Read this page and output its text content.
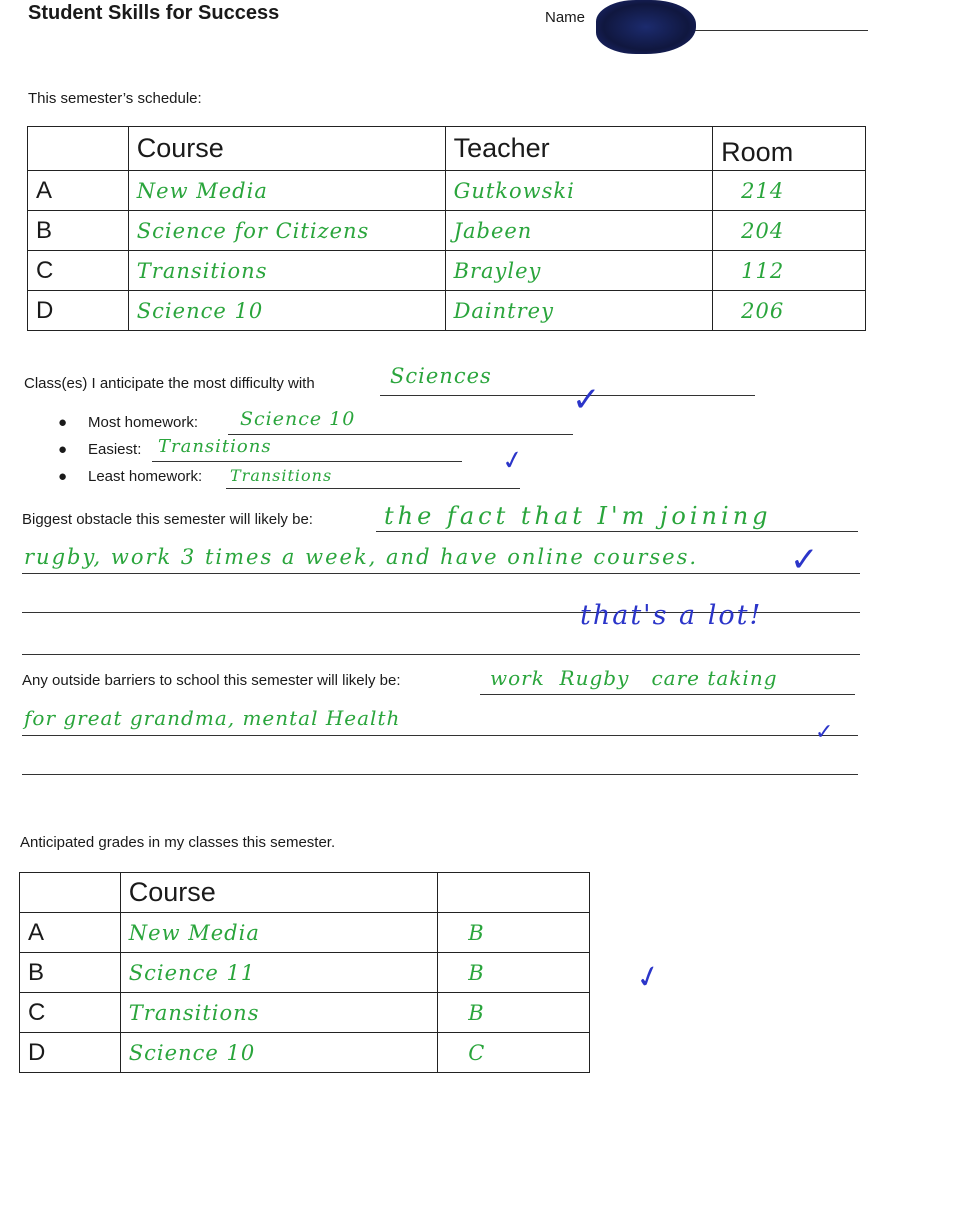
Student Skills for Success	Name
This semester’s schedule:
	Course	Teacher	Room
A	New Media	Gutkowski	214
B	Science for Citizens	Jabeen	204
C	Transitions	Brayley	112
D	Science 10	Daintrey	206
Class(es) I anticipate the most difficulty with	Sciences
✓
● Most homework: Science 10
● Easiest: Transitions
● Least homework: Transitions	✓
Biggest obstacle this semester will likely be:	the fact that I'm joining
rugby, work 3 times a week, and have online courses.	✓
that's a lot!
Any outside barriers to school this semester will likely be:	work  Rugby   care taking
for great grandma, mental Health
✓
Anticipated grades in my classes this semester.
	Course	
A	New Media	B
B	Science 11	B
C	Transitions	B
D	Science 10	C
✓
